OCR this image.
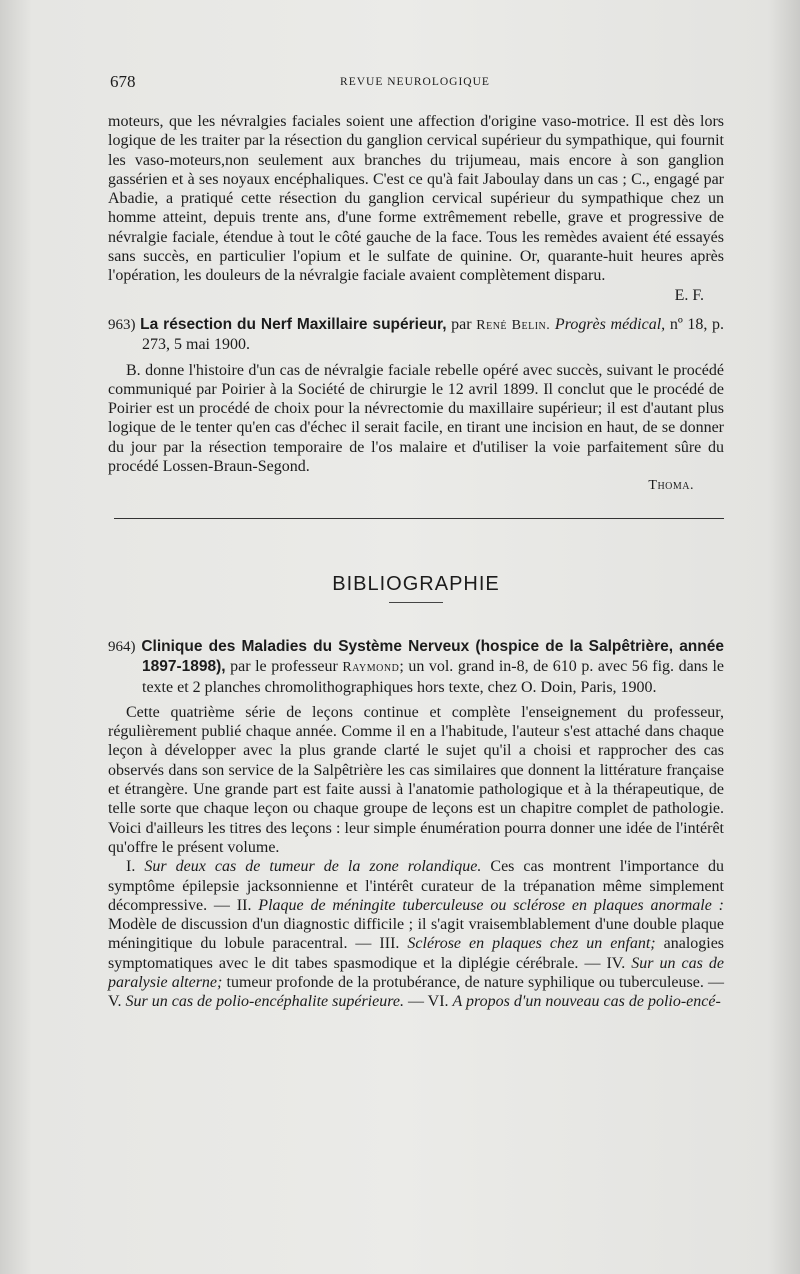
678	REVUE NEUROLOGIQUE

moteurs, que les névralgies faciales soient une affection d'origine vaso-motrice. Il est dès lors logique de les traiter par la résection du ganglion cervical supérieur du sympathique, qui fournit les vaso-moteurs,non seulement aux branches du trijumeau, mais encore à son ganglion gassérien et à ses noyaux encéphaliques. C'est ce qu'à fait Jaboulay dans un cas ; C., engagé par Abadie, a pratiqué cette résection du ganglion cervical supérieur du sympathique chez un homme atteint, depuis trente ans, d'une forme extrêmement rebelle, grave et progressive de névralgie faciale, étendue à tout le côté gauche de la face. Tous les remèdes avaient été essayés sans succès, en particulier l'opium et le sulfate de quinine. Or, quarante-huit heures après l'opération, les douleurs de la névralgie faciale avaient complètement disparu.

E. F.

963) La résection du Nerf Maxillaire supérieur, par René Belin. Progrès médical, nº 18, p. 273, 5 mai 1900.

B. donne l'histoire d'un cas de névralgie faciale rebelle opéré avec succès, suivant le procédé communiqué par Poirier à la Société de chirurgie le 12 avril 1899. Il conclut que le procédé de Poirier est un procédé de choix pour la névrectomie du maxillaire supérieur; il est d'autant plus logique de le tenter qu'en cas d'échec il serait facile, en tirant une incision en haut, de se donner du jour par la résection temporaire de l'os malaire et d'utiliser la voie parfaitement sûre du procédé Lossen-Braun-Segond.

Thoma.
BIBLIOGRAPHIE

964) Clinique des Maladies du Système Nerveux (hospice de la Salpêtrière, année 1897-1898), par le professeur Raymond; un vol. grand in-8, de 610 p. avec 56 fig. dans le texte et 2 planches chromolithographiques hors texte, chez O. Doin, Paris, 1900.

Cette quatrième série de leçons continue et complète l'enseignement du professeur, régulièrement publié chaque année. Comme il en a l'habitude, l'auteur s'est attaché dans chaque leçon à développer avec la plus grande clarté le sujet qu'il a choisi et rapprocher des cas observés dans son service de la Salpêtrière les cas similaires que donnent la littérature française et étrangère. Une grande part est faite aussi à l'anatomie pathologique et à la thérapeutique, de telle sorte que chaque leçon ou chaque groupe de leçons est un chapitre complet de pathologie. Voici d'ailleurs les titres des leçons : leur simple énumération pourra donner une idée de l'intérêt qu'offre le présent volume.

I. Sur deux cas de tumeur de la zone rolandique. Ces cas montrent l'importance du symptôme épilepsie jacksonnienne et l'intérêt curateur de la trépanation même simplement décompressive. — II. Plaque de méningite tuberculeuse ou sclérose en plaques anormale : Modèle de discussion d'un diagnostic difficile ; il s'agit vraisemblablement d'une double plaque méningitique du lobule paracentral. — III. Sclérose en plaques chez un enfant; analogies symptomatiques avec le dit tabes spasmodique et la diplégie cérébrale. — IV. Sur un cas de paralysie alterne; tumeur profonde de la protubérance, de nature syphilique ou tuberculeuse. — V. Sur un cas de polio-encéphalite supérieure. — VI. A propos d'un nouveau cas de polio-encé-
